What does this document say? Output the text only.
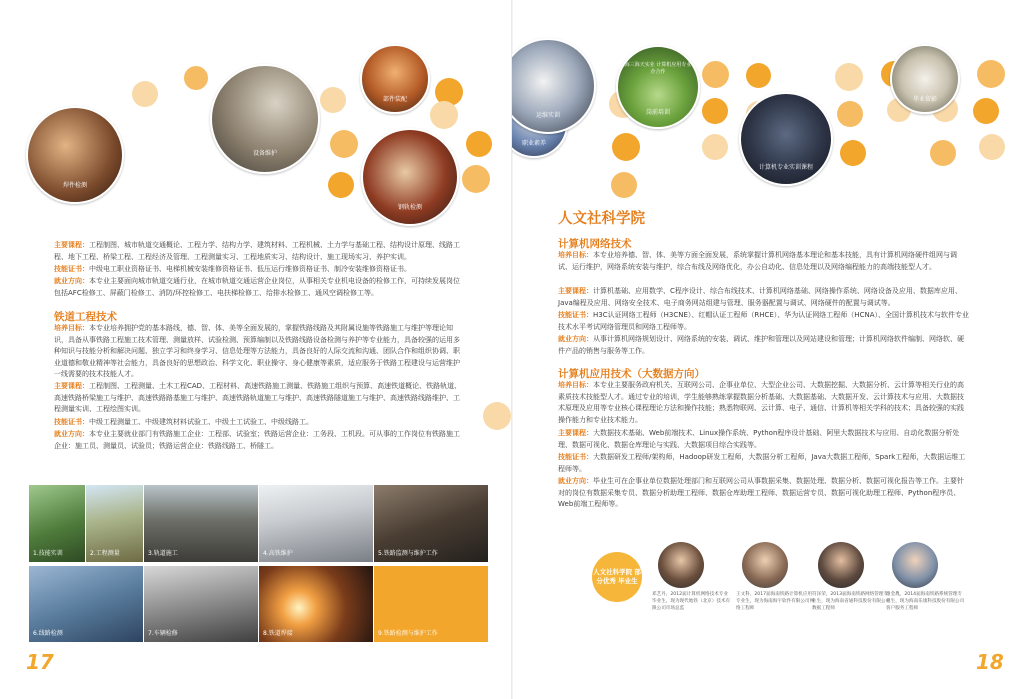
焊件检测
设备维护
部件装配
钢轨检测

主要课程：工程制图、城市轨道交通概论、工程力学、结构力学、建筑材料、工程机械、土力学与基础工程、结构设计原理、线路工程、地下工程、桥梁工程、工程经济及管理、工程测量实习、工程地质实习、结构设计、施工现场实习、养护实训。

技能证书：中级电工职业资格证书、电梯机械安装维修资格证书、低压运行维修资格证书、制冷安装维修资格证书。

就业方向：本专业主要面向城市轨道交通行业，在城市轨道交通运营企业岗位，从事相关专业机电设备的检修工作，可持续发展岗位包括AFC检修工、屏蔽门检修工、消防/环控检修工、电扶梯检修工、给排水检修工、通风空调检修工等。

铁道工程技术

培养目标：本专业培养拥护党的基本路线，德、智、体、美等全面发展的，掌握铁路线路及其附属设施等铁路施工与维护等理论知识，具备从事铁路工程施工技术管理、测量放样、试验检测、预算编制以及铁路线路设备检测与养护等专业能力，具备较强的运用多种知识与技能分析和解决问题、独立学习和终身学习、信息处理等方法能力，具备良好的人际交流和沟通、团队合作和组织协调、职业道德和敬业精神等社会能力，具备良好的思想政治、科学文化、职业操守、身心健康等素质，适应服务于铁路工程建设与运营维护一线需要的技术技能人才。

主要课程：工程制图、工程测量、土木工程CAD、工程材料、高速铁路施工测量、铁路施工组织与预算、高速铁道概论、铁路轨道、高速铁路桥梁施工与维护、高速铁路路基施工与维护、高速铁路轨道施工与维护、高速铁路隧道施工与维护、高速铁路线路维护、工程测量实训、工程绘图实训。

技能证书：中级工程测量工、中级建筑材料试验工、中级土工试验工、中级线路工。

就业方向：本专业主要就业部门有铁路施工企业：工程部、试验室；铁路运营企业：工务段、工机段。可从事的工作岗位有铁路施工企业：施工员、测量员、试验员；铁路运营企业：铁路线路工、桥隧工。

1.技能实训	2.工程测量	3.轨道施工	4.高铁维护	5.铁路监测与维护工作
6.线路检测	7.车辆检修	8.铁道焊接	9.铁路检测与维护工作
17
职业素养
运维实训	岗前培训
北海三海天实业 计算机应用专业校企合作
计算机专业实训课程
毕业留影
人文社科学院
计算机网络技术

培养目标：本专业培养德、智、体、美等方面全面发展，系统掌握计算机网络基本理论和基本技能，具有计算机网络硬件组网与调试、运行维护，网络系统安装与维护，综合布线及网络优化，办公自动化、信息处理以及网络编程能力的高端技能型人才。

主要课程：计算机基础、应用数学、C程序设计、综合布线技术、计算机网络基础、网络操作系统、网络设备及应用、数据库应用、Java编程及应用、网络安全技术、电子商务网站组建与管理、服务器配置与调试、网络硬件的配置与调试等。

技能证书：H3C认证网络工程师（H3CNE）、红帽认证工程师（RHCE）、华为认证网络工程师（HCNA）、全国计算机技术与软件专业技术水平考试网络管理员和网络工程师等。

就业方向：从事计算机网络规划设计、网络系统的安装、调试、维护和管理以及网站建设和管理；计算机网络软件编制、网络软、硬件产品的销售与服务等工作。

计算机应用技术（大数据方向）

培养目标：本专业主要服务政府机关、互联网公司、企事业单位、大型企业公司、大数据挖掘、大数据分析、云计算等相关行业的高素质技术技能型人才。通过专业的培训，学生能够熟练掌握数据分析基础、大数据基础、大数据开发、云计算技术与应用、大数据技术原理及应用等专业核心课程理论方法和操作技能；熟悉物联网、云计算、电子、通信、计算机等相关学科的技术；具备较强的实践操作能力和专业技术能力。

主要课程：大数据技术基础、Web前端技术、Linux操作系统、Python程序设计基础、阿里大数据技术与应用、自动化数据分析处理、数据可视化、数据仓库理论与实践、大数据项目综合实践等。

技能证书：大数据研发工程师/架构师，Hadoop研发工程师，大数据分析工程师，Java大数据工程师，Spark工程师，大数据运维工程师等。

就业方向：毕业生可在企事业单位数据处理部门和互联网公司从事数据采集、数据处理、数据分析、数据可视化报告等工作。主要针对的岗位有数据采集专员、数据分析助理工程师、数据仓库助理工程师、数据运营专员、数据可视化助理工程师、Python程序员、Web前端工程师等。

人文社科学院 部分优秀 毕业生
邓艺丹，2012届计算机网络技术专业毕业生，现为现代地铁（北京）技术有限公司市场总监
王文科，2017届海南铁路计算机应用专业生，现为海南海宇软件有限公司网络工程师
符泽荣，2013届海南铁路网络管理专业生，现为海南省通科技股份有限公司数据工程师
谢金胤，2014届海南铁路系统管理专业生，现为海南乐康科技股份有限公司客户服务工程师
18
